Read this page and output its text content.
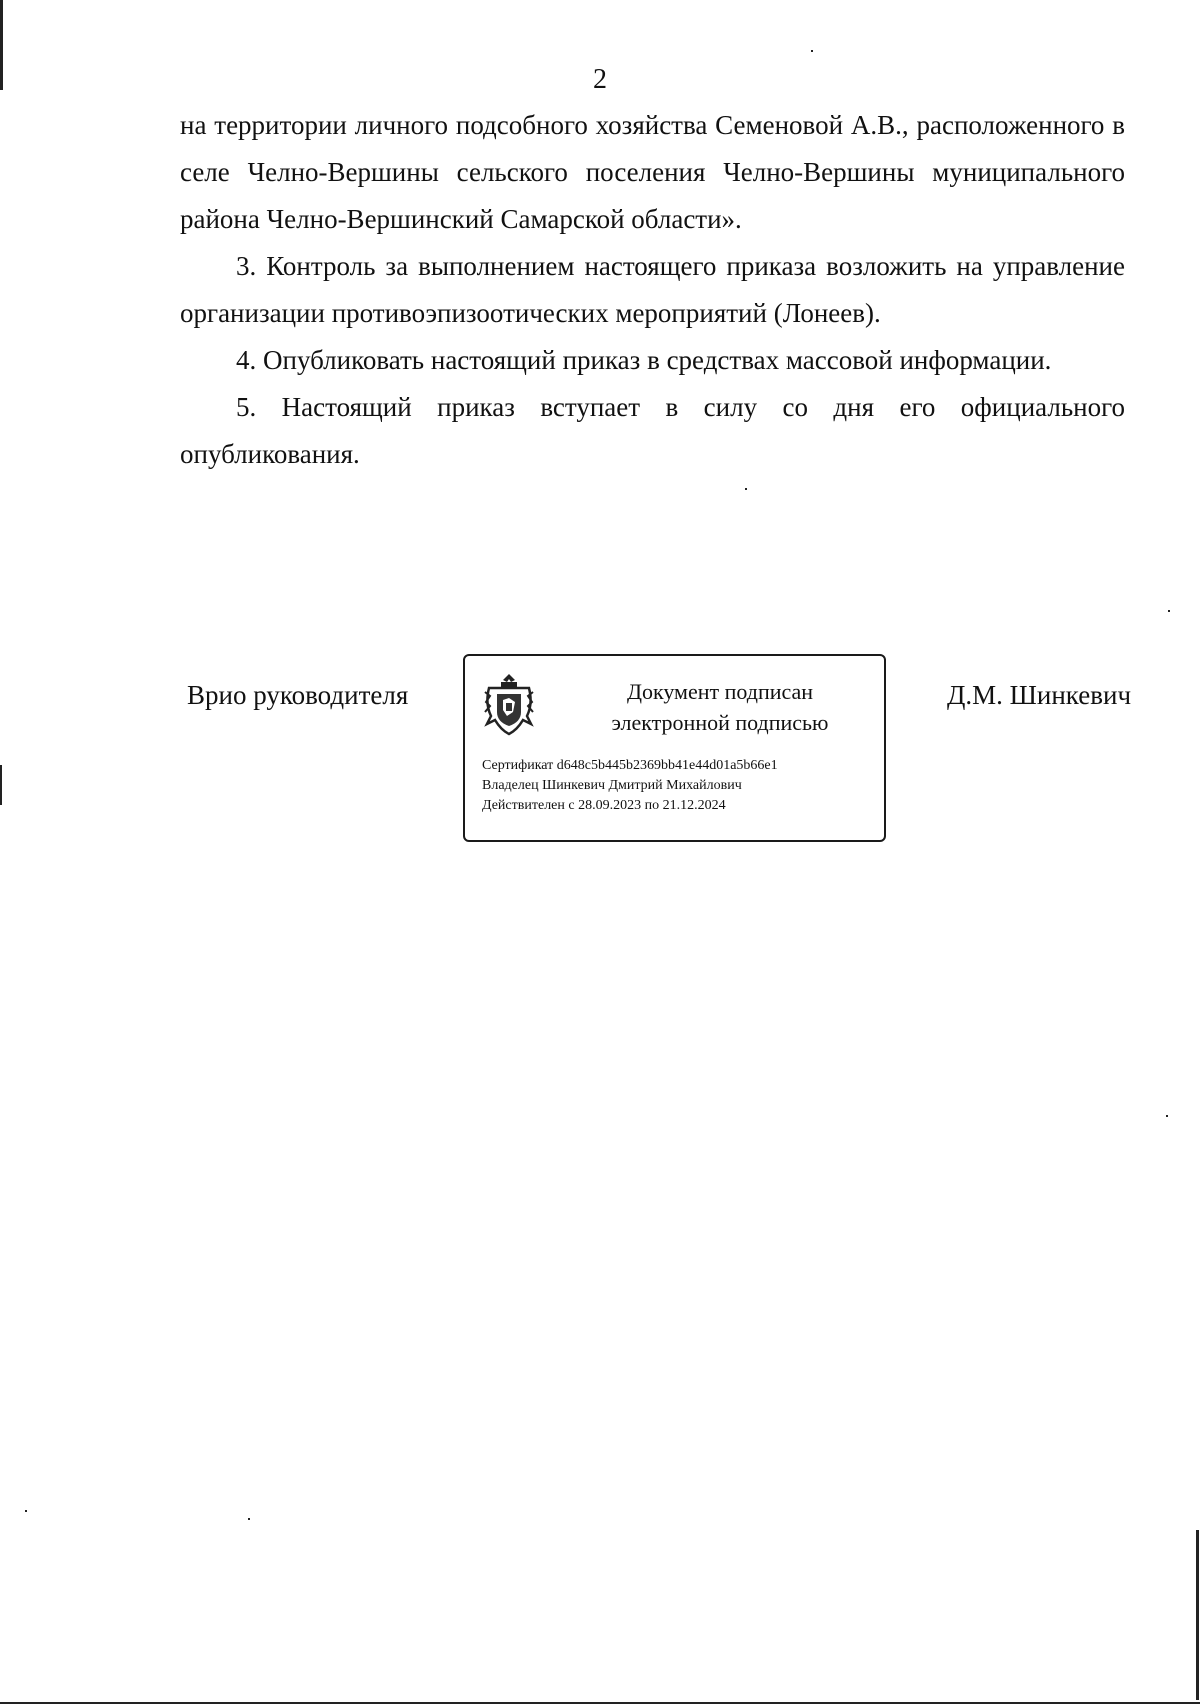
2

на территории личного подсобного хозяйства Семеновой А.В., расположенного в селе Челно-Вершины сельского поселения Челно-Вершины муниципального района Челно-Вершинский Самарской области».

3. Контроль за выполнением настоящего приказа возложить на управление организации противоэпизоотических мероприятий (Лонеев).

4. Опубликовать настоящий приказ в средствах массовой информации.

5. Настоящий приказ вступает в силу со дня его официального опубликования.

Врио руководителя	Документ подписан
электронной подписью
Сертификат d648c5b445b2369bb41e44d01a5b66e1
Владелец Шинкевич Дмитрий Михайлович
Действителен с 28.09.2023 по 21.12.2024
Д.М. Шинкевич
